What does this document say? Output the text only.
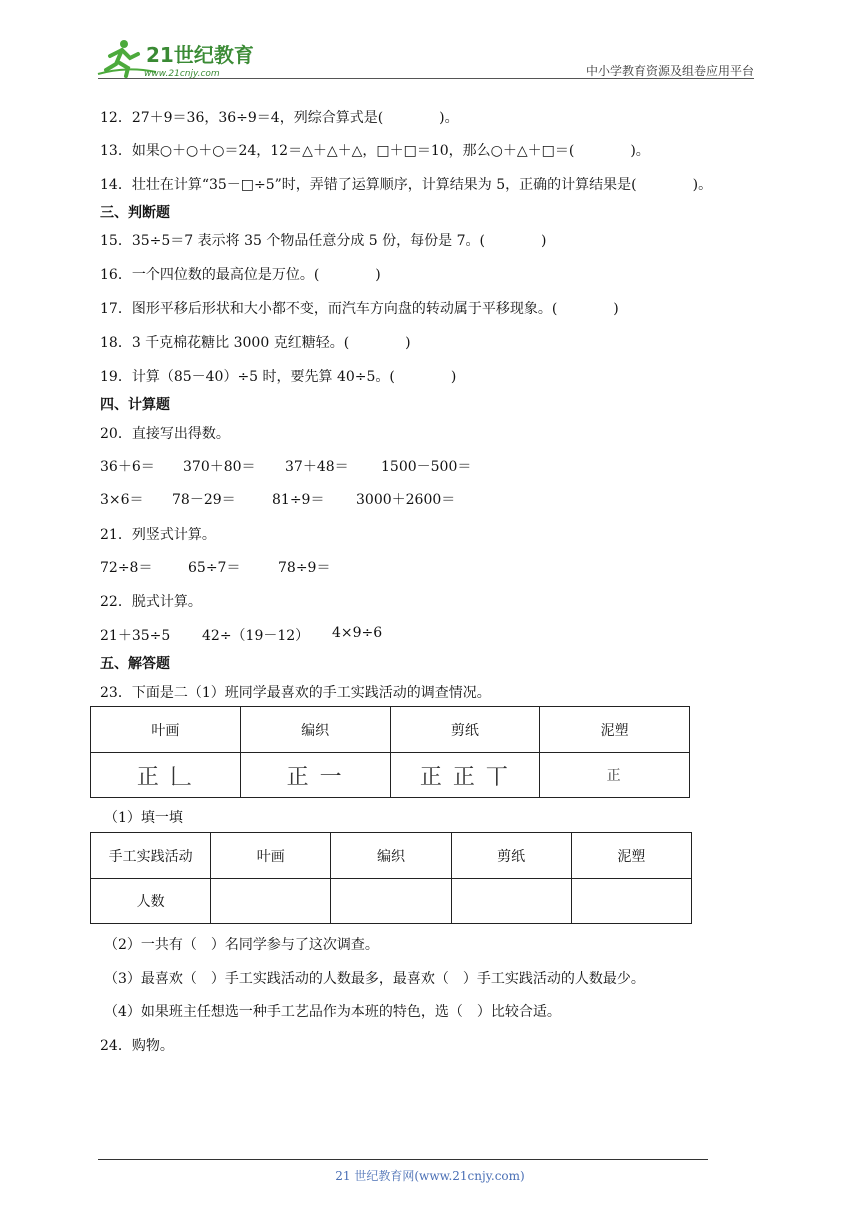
21世纪教育
www.21cnjy.com	中小学教育资源及组卷应用平台
12．27＋9＝36，36÷9＝4，列综合算式是(　　　　)。
13．如果○＋○＋○＝24，12＝△＋△＋△，□＋□＝10，那么○＋△＋□＝(　　　　)。
14．壮壮在计算“35－□÷5”时，弄错了运算顺序，计算结果为 5，正确的计算结果是(　　　　)。
三、判断题
15．35÷5＝7 表示将 35 个物品任意分成 5 份，每份是 7。(　　　　)
16．一个四位数的最高位是万位。(　　　　)
17．图形平移后形状和大小都不变，而汽车方向盘的转动属于平移现象。(　　　　)
18．3 千克棉花糖比 3000 克红糖轻。(　　　　)
19．计算（85－40）÷5 时，要先算 40÷5。(　　　　)
四、计算题
20．直接写出得数。
36＋6＝ 370＋80＝ 37＋48＝ 1500－500＝
3×6＝ 78－29＝	81÷9＝ 3000＋2600＝
21．列竖式计算。
72÷8＝	65÷7＝	78÷9＝
22．脱式计算。
21＋35÷5 42÷（19－12） 4×9÷6
五、解答题
23．下面是二（1）班同学最喜欢的手工实践活动的调查情况。
叶画	编织	剪纸	泥塑
正 𠃊	正 一	正 正 丅	正
（1）填一填
手工实践活动	叶画	编织	剪纸	泥塑
人数				
（2）一共有（　）名同学参与了这次调查。
（3）最喜欢（　）手工实践活动的人数最多，最喜欢（　）手工实践活动的人数最少。
（4）如果班主任想选一种手工艺品作为本班的特色，选（　）比较合适。
24．购物。
21 世纪教育网(www.21cnjy.com)
